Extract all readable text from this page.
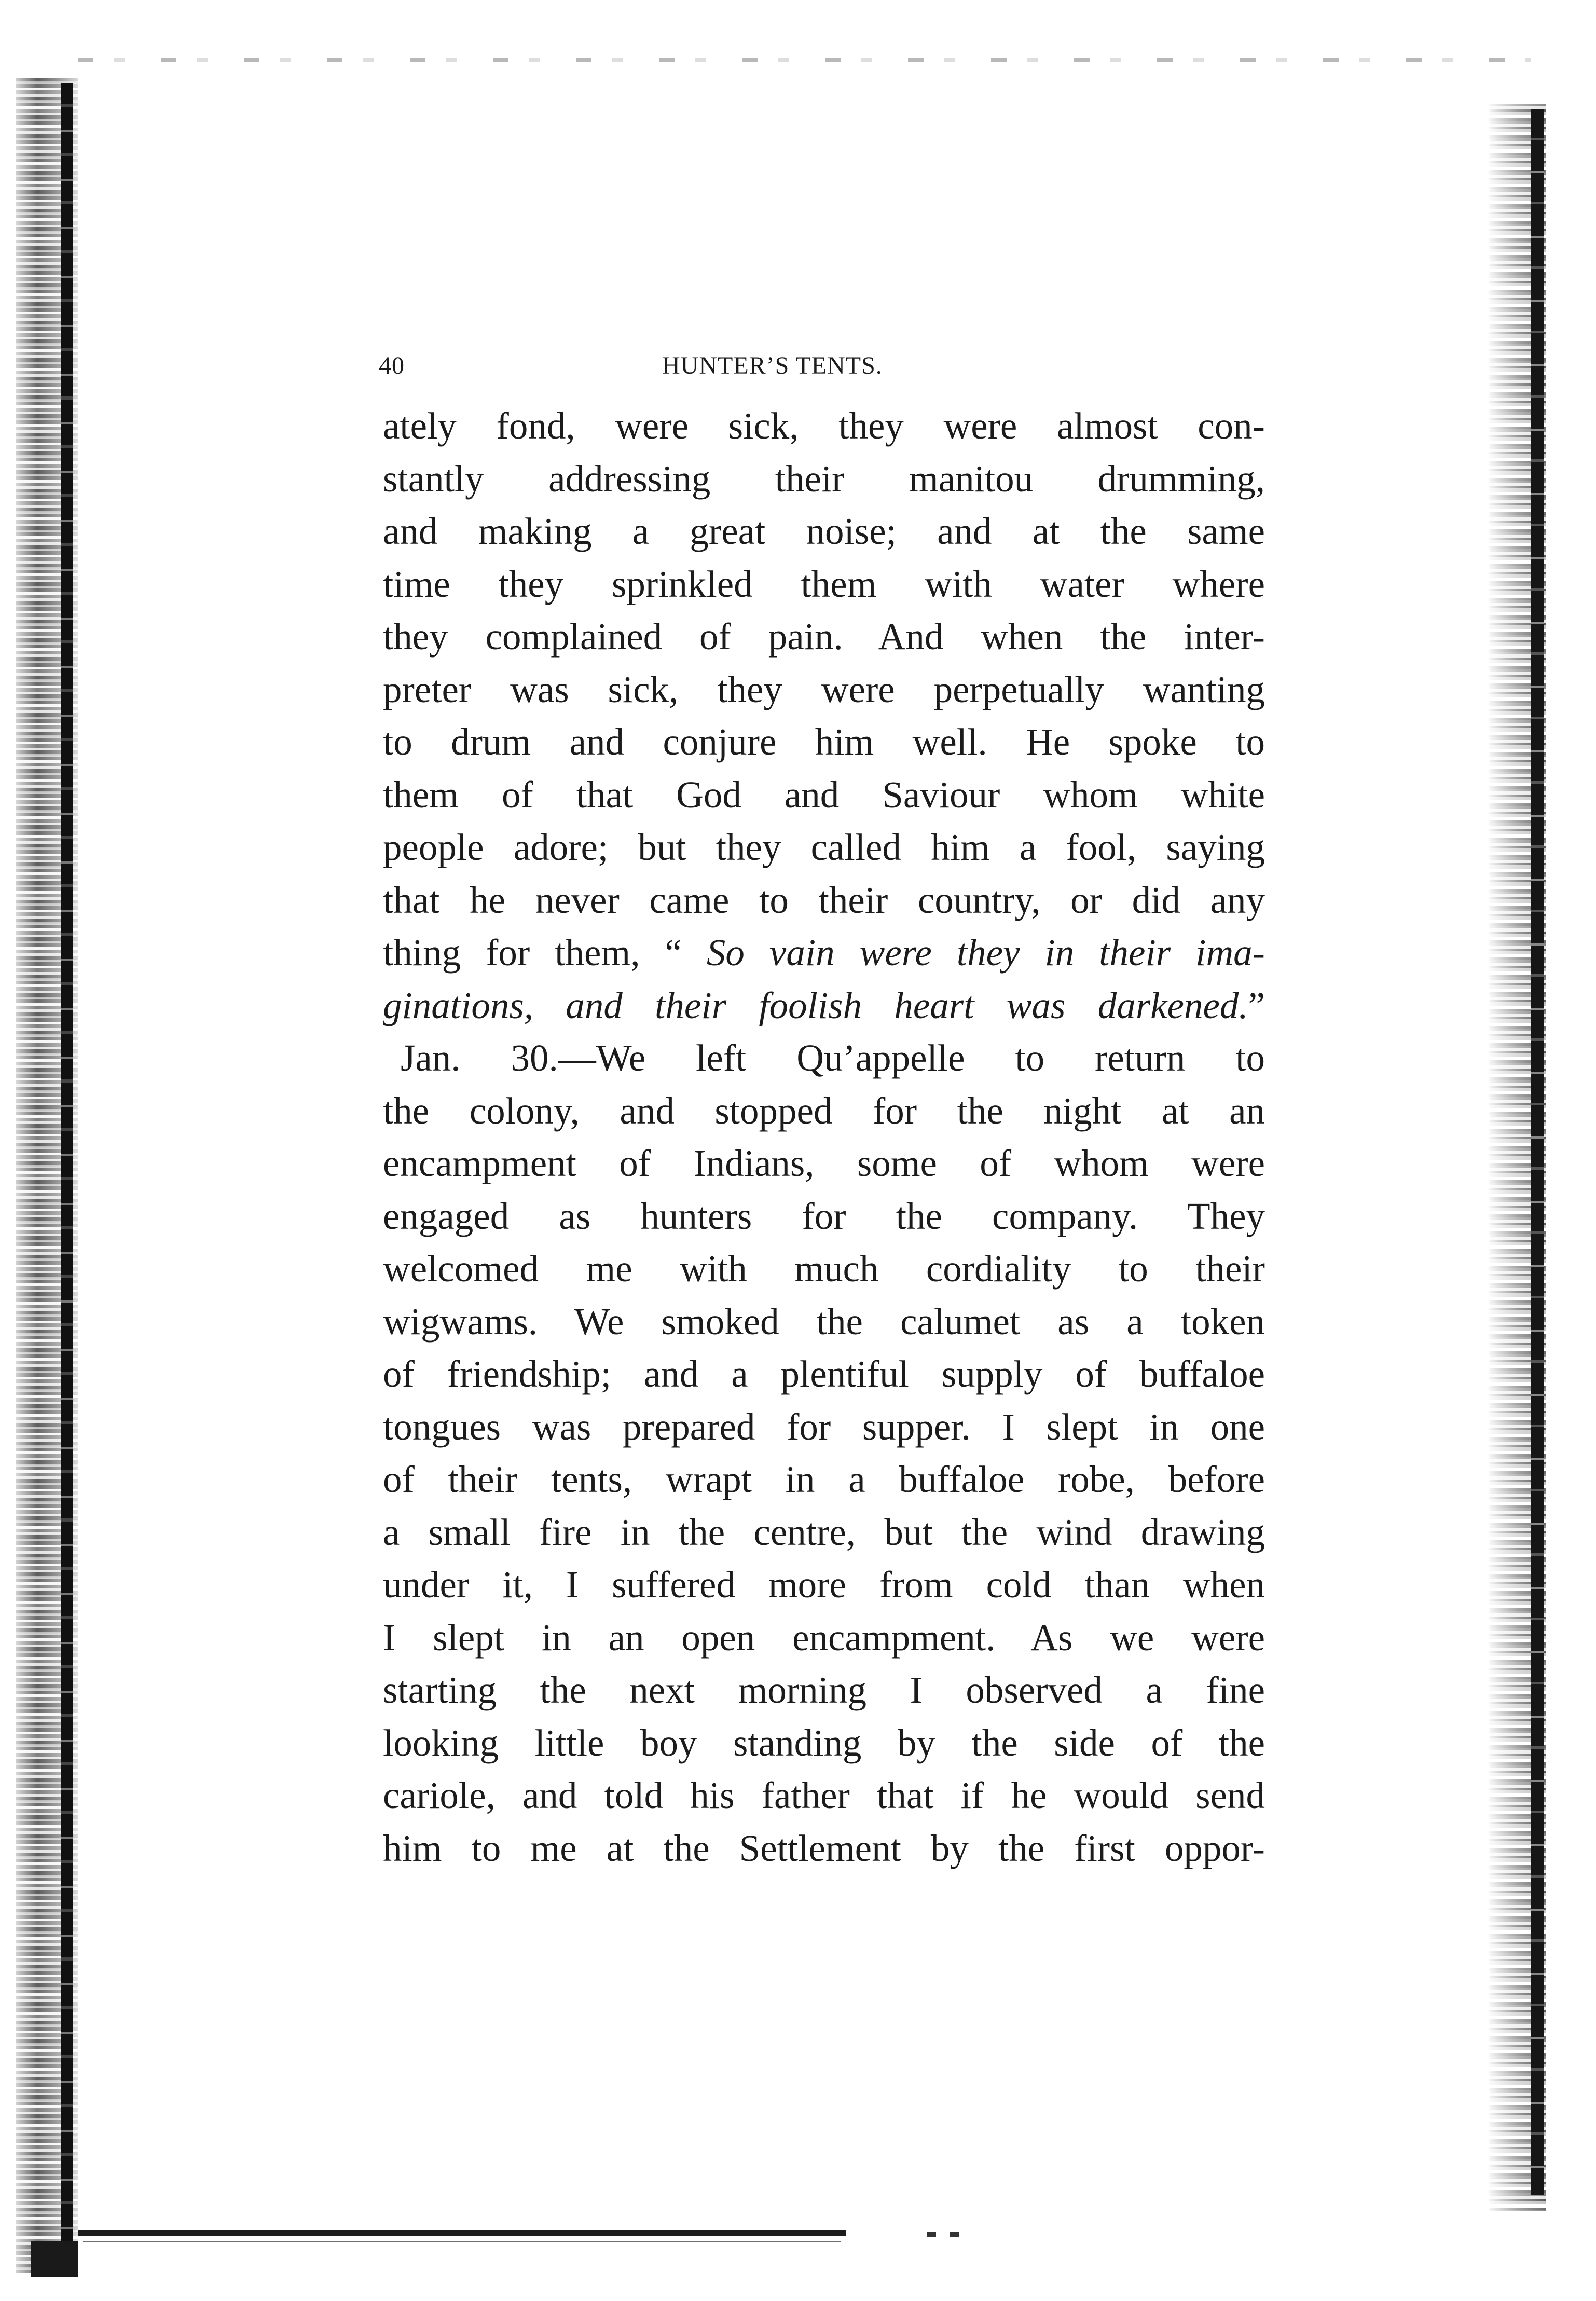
40	HUNTER’S TENTS.
ately fond, were sick, they were almost con-
stantly addressing their manitou drumming,
and making a great noise; and at the same
time they sprinkled them with water where
they complained of pain. And when the inter-
preter was sick, they were perpetually wanting
to drum and conjure him well. He spoke to
them of that God and Saviour whom white
people adore; but they called him a fool, saying
that he never came to their country, or did any
thing for them, “ So vain were they in their ima-
ginations, and their foolish heart was darkened.”
Jan. 30.—We left Qu’appelle to return to
the colony, and stopped for the night at an
encampment of Indians, some of whom were
engaged as hunters for the company. They
welcomed me with much cordiality to their
wigwams. We smoked the calumet as a token
of friendship; and a plentiful supply of buffaloe
tongues was prepared for supper. I slept in one
of their tents, wrapt in a buffaloe robe, before
a small fire in the centre, but the wind drawing
under it, I suffered more from cold than when
I slept in an open encampment. As we were
starting the next morning I observed a fine
looking little boy standing by the side of the
cariole, and told his father that if he would send
him to me at the Settlement by the first oppor-
